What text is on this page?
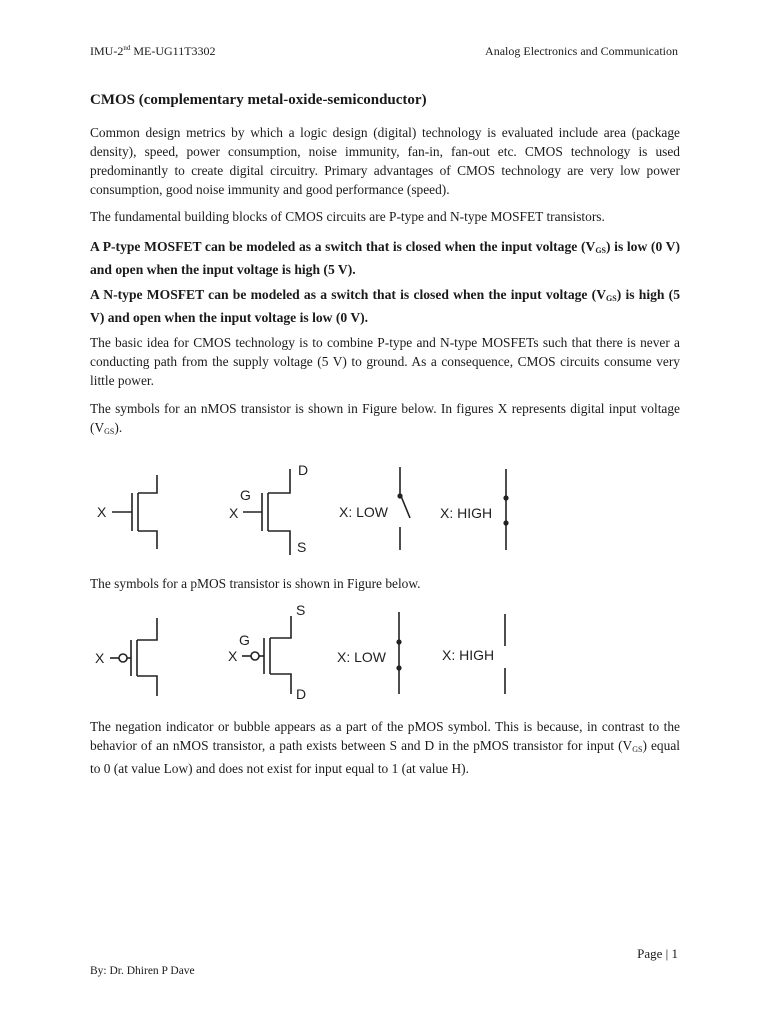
IMU-2nd ME-UG11T3302	Analog Electronics and Communication
CMOS (complementary metal-oxide-semiconductor)

Common design metrics by which a logic design (digital) technology is evaluated include area (package density), speed, power consumption, noise immunity, fan-in, fan-out etc. CMOS technology is used predominantly to create digital circuitry. Primary advantages of CMOS technology are very low power consumption, good noise immunity and good performance (speed).

The fundamental building blocks of CMOS circuits are P-type and N-type MOSFET transistors.

A P-type MOSFET can be modeled as a switch that is closed when the input voltage $(V_{GS})$ is low (0 V) and open when the input voltage is high (5 V).

A N-type MOSFET can be modeled as a switch that is closed when the input voltage $(V_{GS})$ is high (5 V) and open when the input voltage is low (0 V).

The basic idea for CMOS technology is to combine P-type and N-type MOSFETs such that there is never a conducting path from the supply voltage (5 V) to ground. As a consequence, CMOS circuits consume very little power.

The symbols for an nMOS transistor is shown in Figure below. In figures X represents digital input voltage $(V_{GS})$.

X
G
X
D
S
X: LOW	X: HIGH

The symbols for a pMOS transistor is shown in Figure below.

X
G
X
S
D
X: LOW	X: HIGH

The negation indicator or bubble appears as a part of the pMOS symbol. This is because, in contrast to the behavior of an nMOS transistor, a path exists between S and D in the pMOS transistor for input $(V_{GS})$ equal to 0 (at value Low) and does not exist for input equal to 1 (at value H).

Page | 1
By: Dr. Dhiren P Dave
